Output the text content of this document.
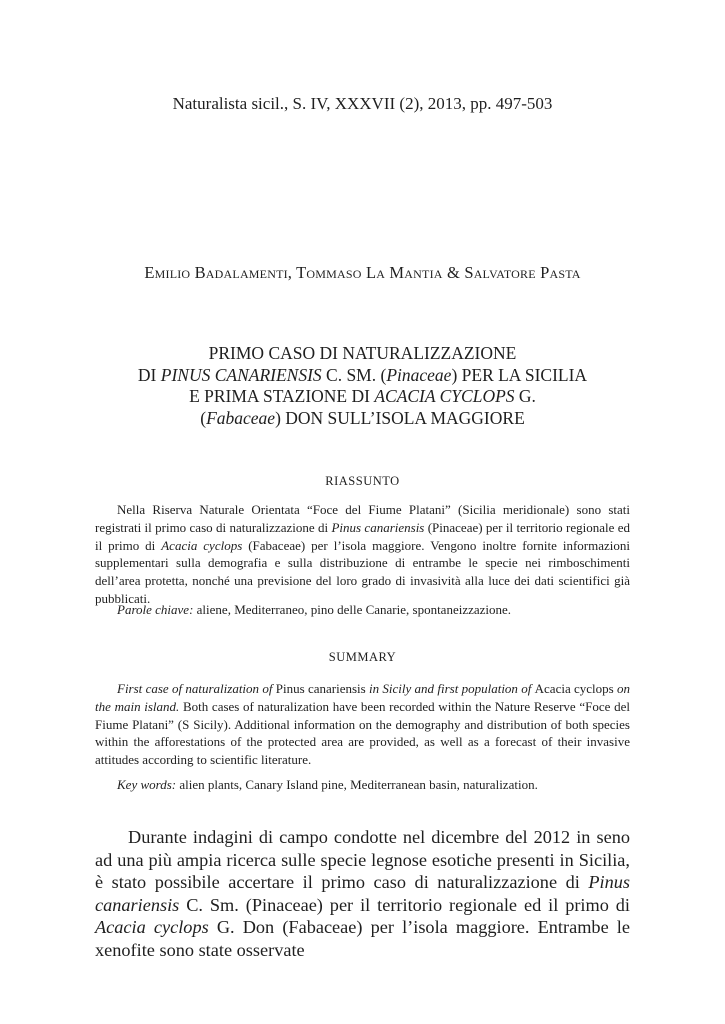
Naturalista sicil., S. IV, XXXVII (2), 2013, pp. 497-503
Emilio Badalamenti, Tommaso La Mantia & Salvatore Pasta
PRIMO CASO DI NATURALIZZAZIONE
DI PINUS CANARIENSIS C. SM. (Pinaceae) PER LA SICILIA
E PRIMA STAZIONE DI ACACIA CYCLOPS G.
(Fabaceae) DON SULL’ISOLA MAGGIORE
RIASSUNTO
Nella Riserva Naturale Orientata “Foce del Fiume Platani” (Sicilia meridionale) sono stati registrati il primo caso di naturalizzazione di Pinus canariensis (Pinaceae) per il territorio regionale ed il primo di Acacia cyclops (Fabaceae) per l’isola maggiore. Vengono inoltre fornite informazioni supplementari sulla demografia e sulla distribuzione di entrambe le specie nei rimboschimenti dell’area protetta, nonché una previsione del loro grado di invasività alla luce dei dati scientifici già pubblicati.
Parole chiave: aliene, Mediterraneo, pino delle Canarie, spontaneizzazione.
SUMMARY
First case of naturalization of Pinus canariensis in Sicily and first population of Acacia cyclops on the main island. Both cases of naturalization have been recorded within the Nature Reserve “Foce del Fiume Platani” (S Sicily). Additional information on the demography and distribution of both species within the afforestations of the protected area are provided, as well as a forecast of their invasive attitudes according to scientific literature.
Key words: alien plants, Canary Island pine, Mediterranean basin, naturalization.

Durante indagini di campo condotte nel dicembre del 2012 in seno ad una più ampia ricerca sulle specie legnose esotiche presenti in Sicilia, è stato possibile accertare il primo caso di naturalizzazione di Pinus canariensis C. Sm. (Pinaceae) per il territorio regionale ed il primo di Acacia cyclops G. Don (Fabaceae) per l’isola maggiore. Entrambe le xenofite sono state osservate
